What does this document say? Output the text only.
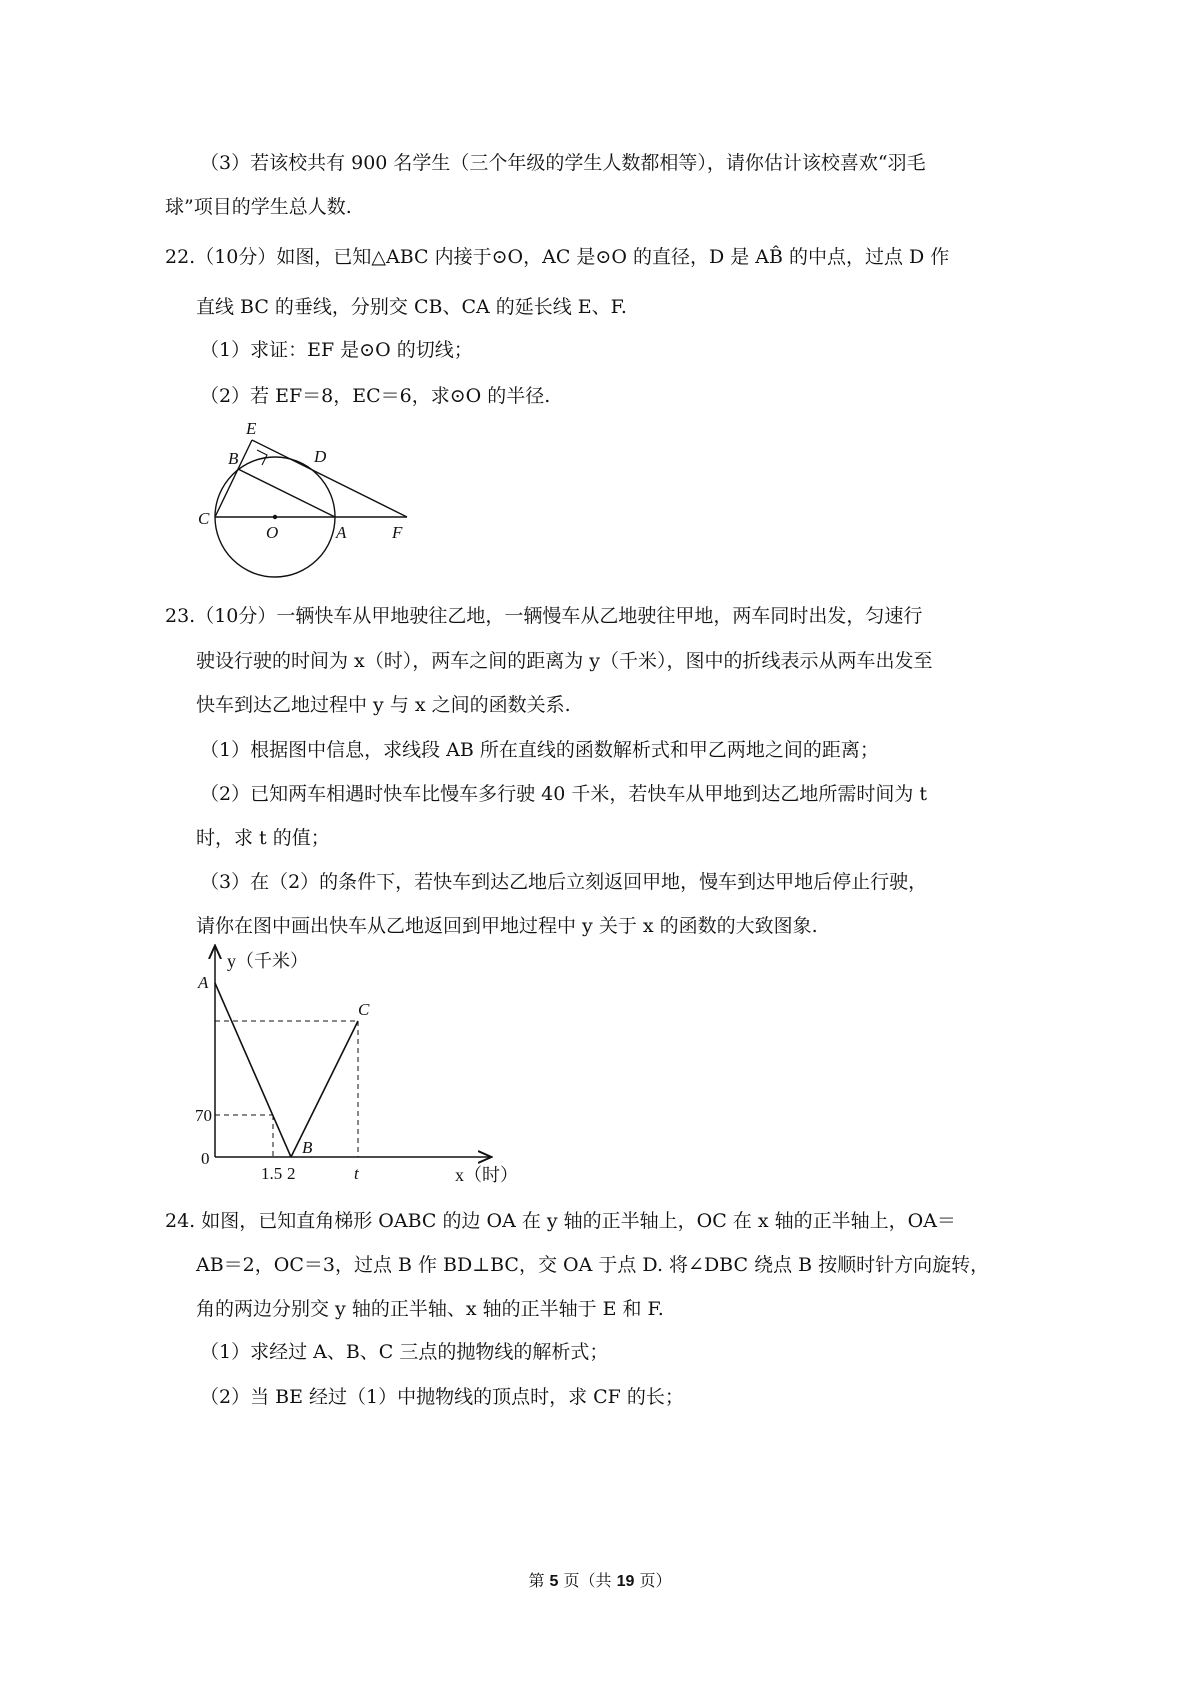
（3）若该校共有 900 名学生（三个年级的学生人数都相等），请你估计该校喜欢“羽毛
球”项目的学生总人数.
22.（10分）如图，已知△ABC 内接于⊙O，AC 是⊙O 的直径，D 是 AB̂ 的中点，过点 D 作
直线 BC 的垂线，分别交 CB、CA 的延长线 E、F.
（1）求证：EF 是⊙O 的切线；
（2）若 EF＝8，EC＝6，求⊙O 的半径.
E
B	D
C
O	A	F
23.（10分）一辆快车从甲地驶往乙地，一辆慢车从乙地驶往甲地，两车同时出发，匀速行
驶设行驶的时间为 x（时），两车之间的距离为 y（千米），图中的折线表示从两车出发至
快车到达乙地过程中 y 与 x 之间的函数关系.
（1）根据图中信息，求线段 AB 所在直线的函数解析式和甲乙两地之间的距离；
（2）已知两车相遇时快车比慢车多行驶 40 千米，若快车从甲地到达乙地所需时间为 t
时，求 t 的值；
（3）在（2）的条件下，若快车到达乙地后立刻返回甲地，慢车到达甲地后停止行驶，
请你在图中画出快车从乙地返回到甲地过程中 y 关于 x 的函数的大致图象.
y（千米）
x（时）
A
B
C
70
0
1.5 2	t
24. 如图，已知直角梯形 OABC 的边 OA 在 y 轴的正半轴上，OC 在 x 轴的正半轴上，OA＝
AB＝2，OC＝3，过点 B 作 BD⊥BC，交 OA 于点 D. 将∠DBC 绕点 B 按顺时针方向旋转，
角的两边分别交 y 轴的正半轴、x 轴的正半轴于 E 和 F.
（1）求经过 A、B、C 三点的抛物线的解析式；
（2）当 BE 经过（1）中抛物线的顶点时，求 CF 的长；
第 5 页（共 19 页）
